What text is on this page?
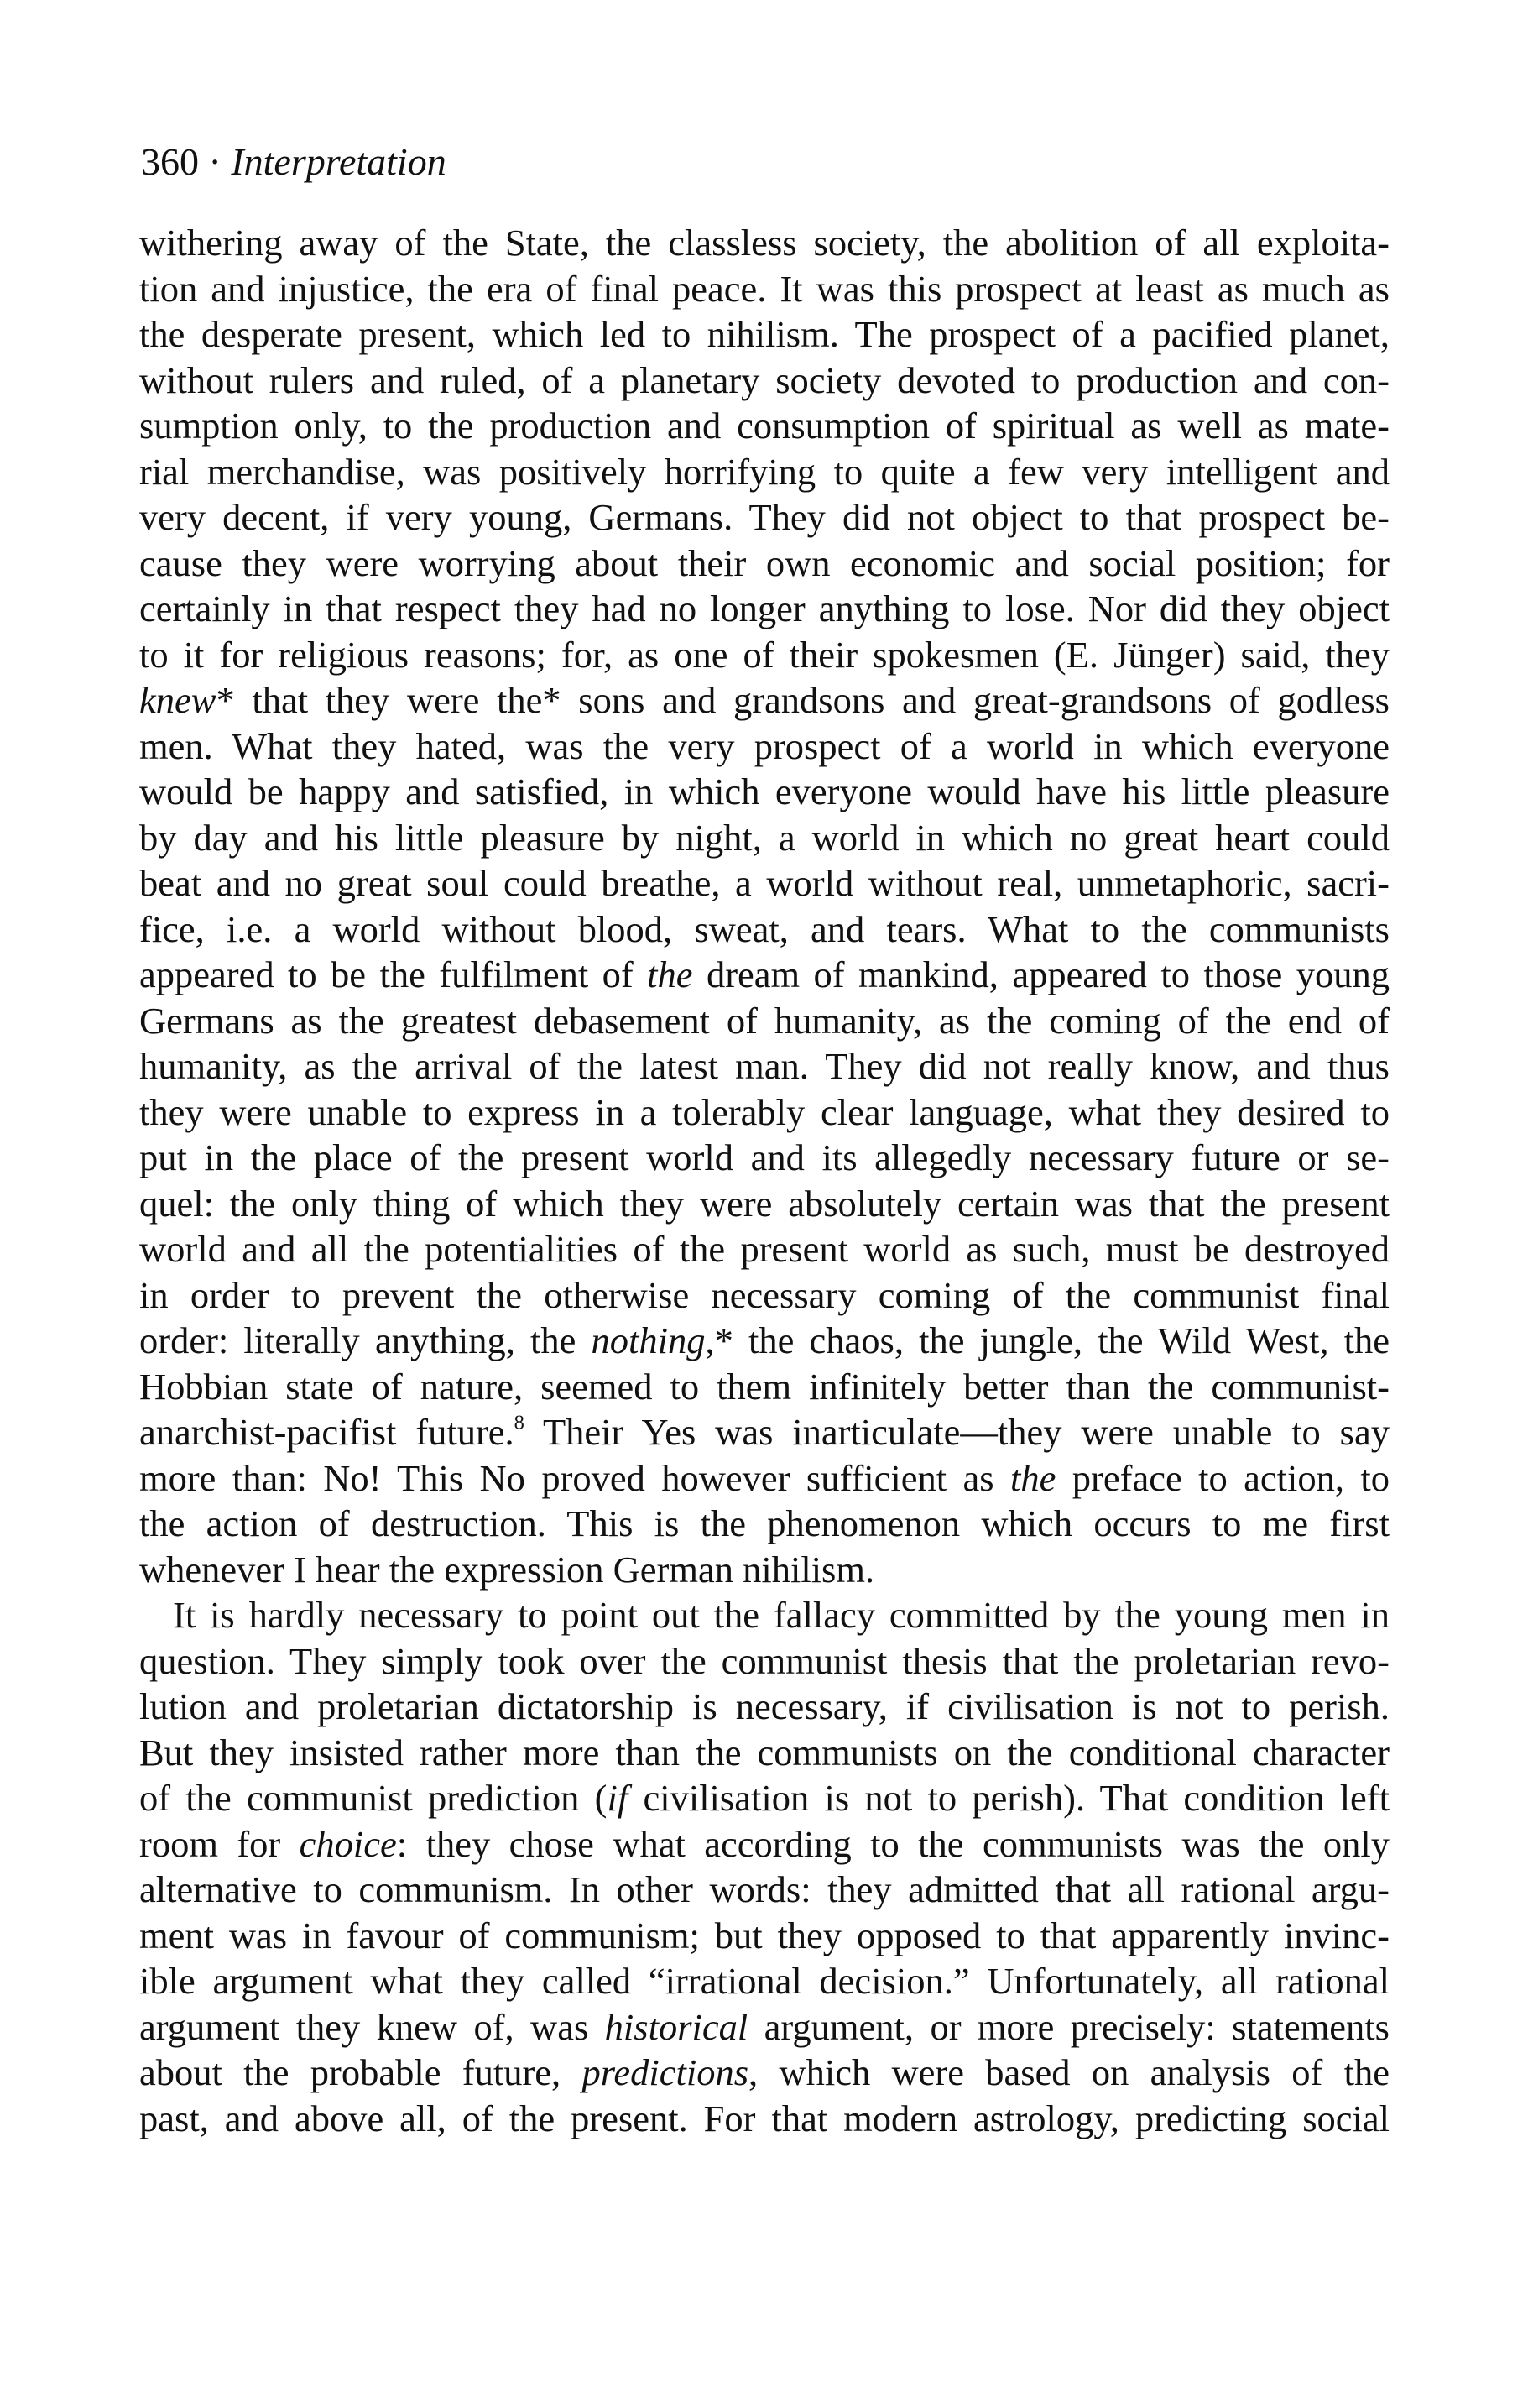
360 · Interpretation
withering away of the State, the classless society, the abolition of all exploita-
tion and injustice, the era of final peace. It was this prospect at least as much as
the desperate present, which led to nihilism. The prospect of a pacified planet,
without rulers and ruled, of a planetary society devoted to production and con-
sumption only, to the production and consumption of spiritual as well as mate-
rial merchandise, was positively horrifying to quite a few very intelligent and
very decent, if very young, Germans. They did not object to that prospect be-
cause they were worrying about their own economic and social position; for
certainly in that respect they had no longer anything to lose. Nor did they object
to it for religious reasons; for, as one of their spokesmen (E. Jünger) said, they
knew* that they were the* sons and grandsons and great-grandsons of godless
men. What they hated, was the very prospect of a world in which everyone
would be happy and satisfied, in which everyone would have his little pleasure
by day and his little pleasure by night, a world in which no great heart could
beat and no great soul could breathe, a world without real, unmetaphoric, sacri-
fice, i.e. a world without blood, sweat, and tears. What to the communists
appeared to be the fulfilment of the dream of mankind, appeared to those young
Germans as the greatest debasement of humanity, as the coming of the end of
humanity, as the arrival of the latest man. They did not really know, and thus
they were unable to express in a tolerably clear language, what they desired to
put in the place of the present world and its allegedly necessary future or se-
quel: the only thing of which they were absolutely certain was that the present
world and all the potentialities of the present world as such, must be destroyed
in order to prevent the otherwise necessary coming of the communist final
order: literally anything, the nothing,* the chaos, the jungle, the Wild West, the
Hobbian state of nature, seemed to them infinitely better than the communist-
anarchist-pacifist future.$^8$ Their Yes was inarticulate—they were unable to say
more than: No! This No proved however sufficient as the preface to action, to
the action of destruction. This is the phenomenon which occurs to me first
whenever I hear the expression German nihilism.
It is hardly necessary to point out the fallacy committed by the young men in
question. They simply took over the communist thesis that the proletarian revo-
lution and proletarian dictatorship is necessary, if civilisation is not to perish.
But they insisted rather more than the communists on the conditional character
of the communist prediction (if civilisation is not to perish). That condition left
room for choice: they chose what according to the communists was the only
alternative to communism. In other words: they admitted that all rational argu-
ment was in favour of communism; but they opposed to that apparently invinc-
ible argument what they called “irrational decision.” Unfortunately, all rational
argument they knew of, was historical argument, or more precisely: statements
about the probable future, predictions, which were based on analysis of the
past, and above all, of the present. For that modern astrology, predicting social
